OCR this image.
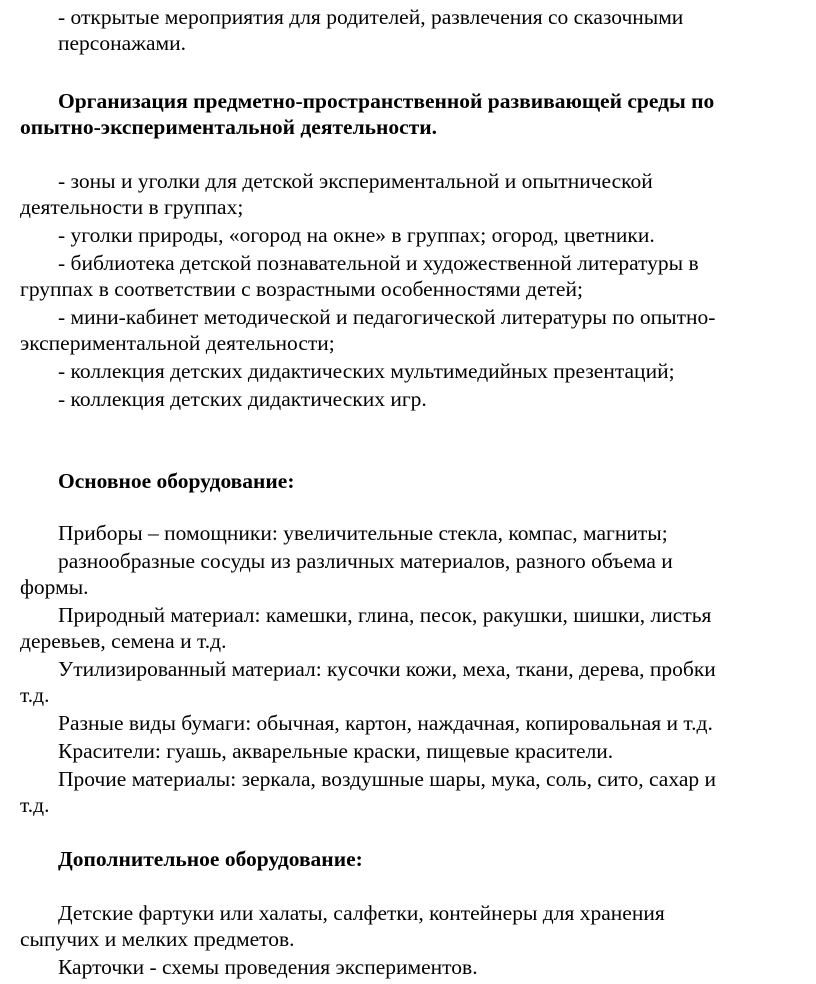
- открытые мероприятия для родителей, развлечения со сказочными
персонажами.
Организация предметно-пространственной развивающей среды по
опытно-экспериментальной деятельности.
- зоны и уголки для детской экспериментальной и опытнической
деятельности в группах;
- уголки природы, «огород на окне» в группах; огород, цветники.
- библиотека детской познавательной и художественной литературы в
группах в соответствии с возрастными особенностями детей;
- мини-кабинет методической и педагогической литературы по опытно-
экспериментальной деятельности;
- коллекция детских дидактических мультимедийных презентаций;
- коллекция детских дидактических игр.
Основное оборудование:
Приборы – помощники: увеличительные стекла, компас, магниты;
разнообразные сосуды из различных материалов, разного объема и
формы.
Природный материал: камешки, глина, песок, ракушки, шишки, листья
деревьев, семена и т.д.
Утилизированный материал: кусочки кожи, меха, ткани, дерева, пробки
т.д.
Разные виды бумаги: обычная, картон, наждачная, копировальная и т.д.
Красители: гуашь, акварельные краски, пищевые красители.
Прочие материалы: зеркала, воздушные шары, мука, соль, сито, сахар и
т.д.
Дополнительное оборудование:
Детские фартуки или халаты, салфетки, контейнеры для хранения
сыпучих и мелких предметов.
Карточки - схемы проведения экспериментов.
